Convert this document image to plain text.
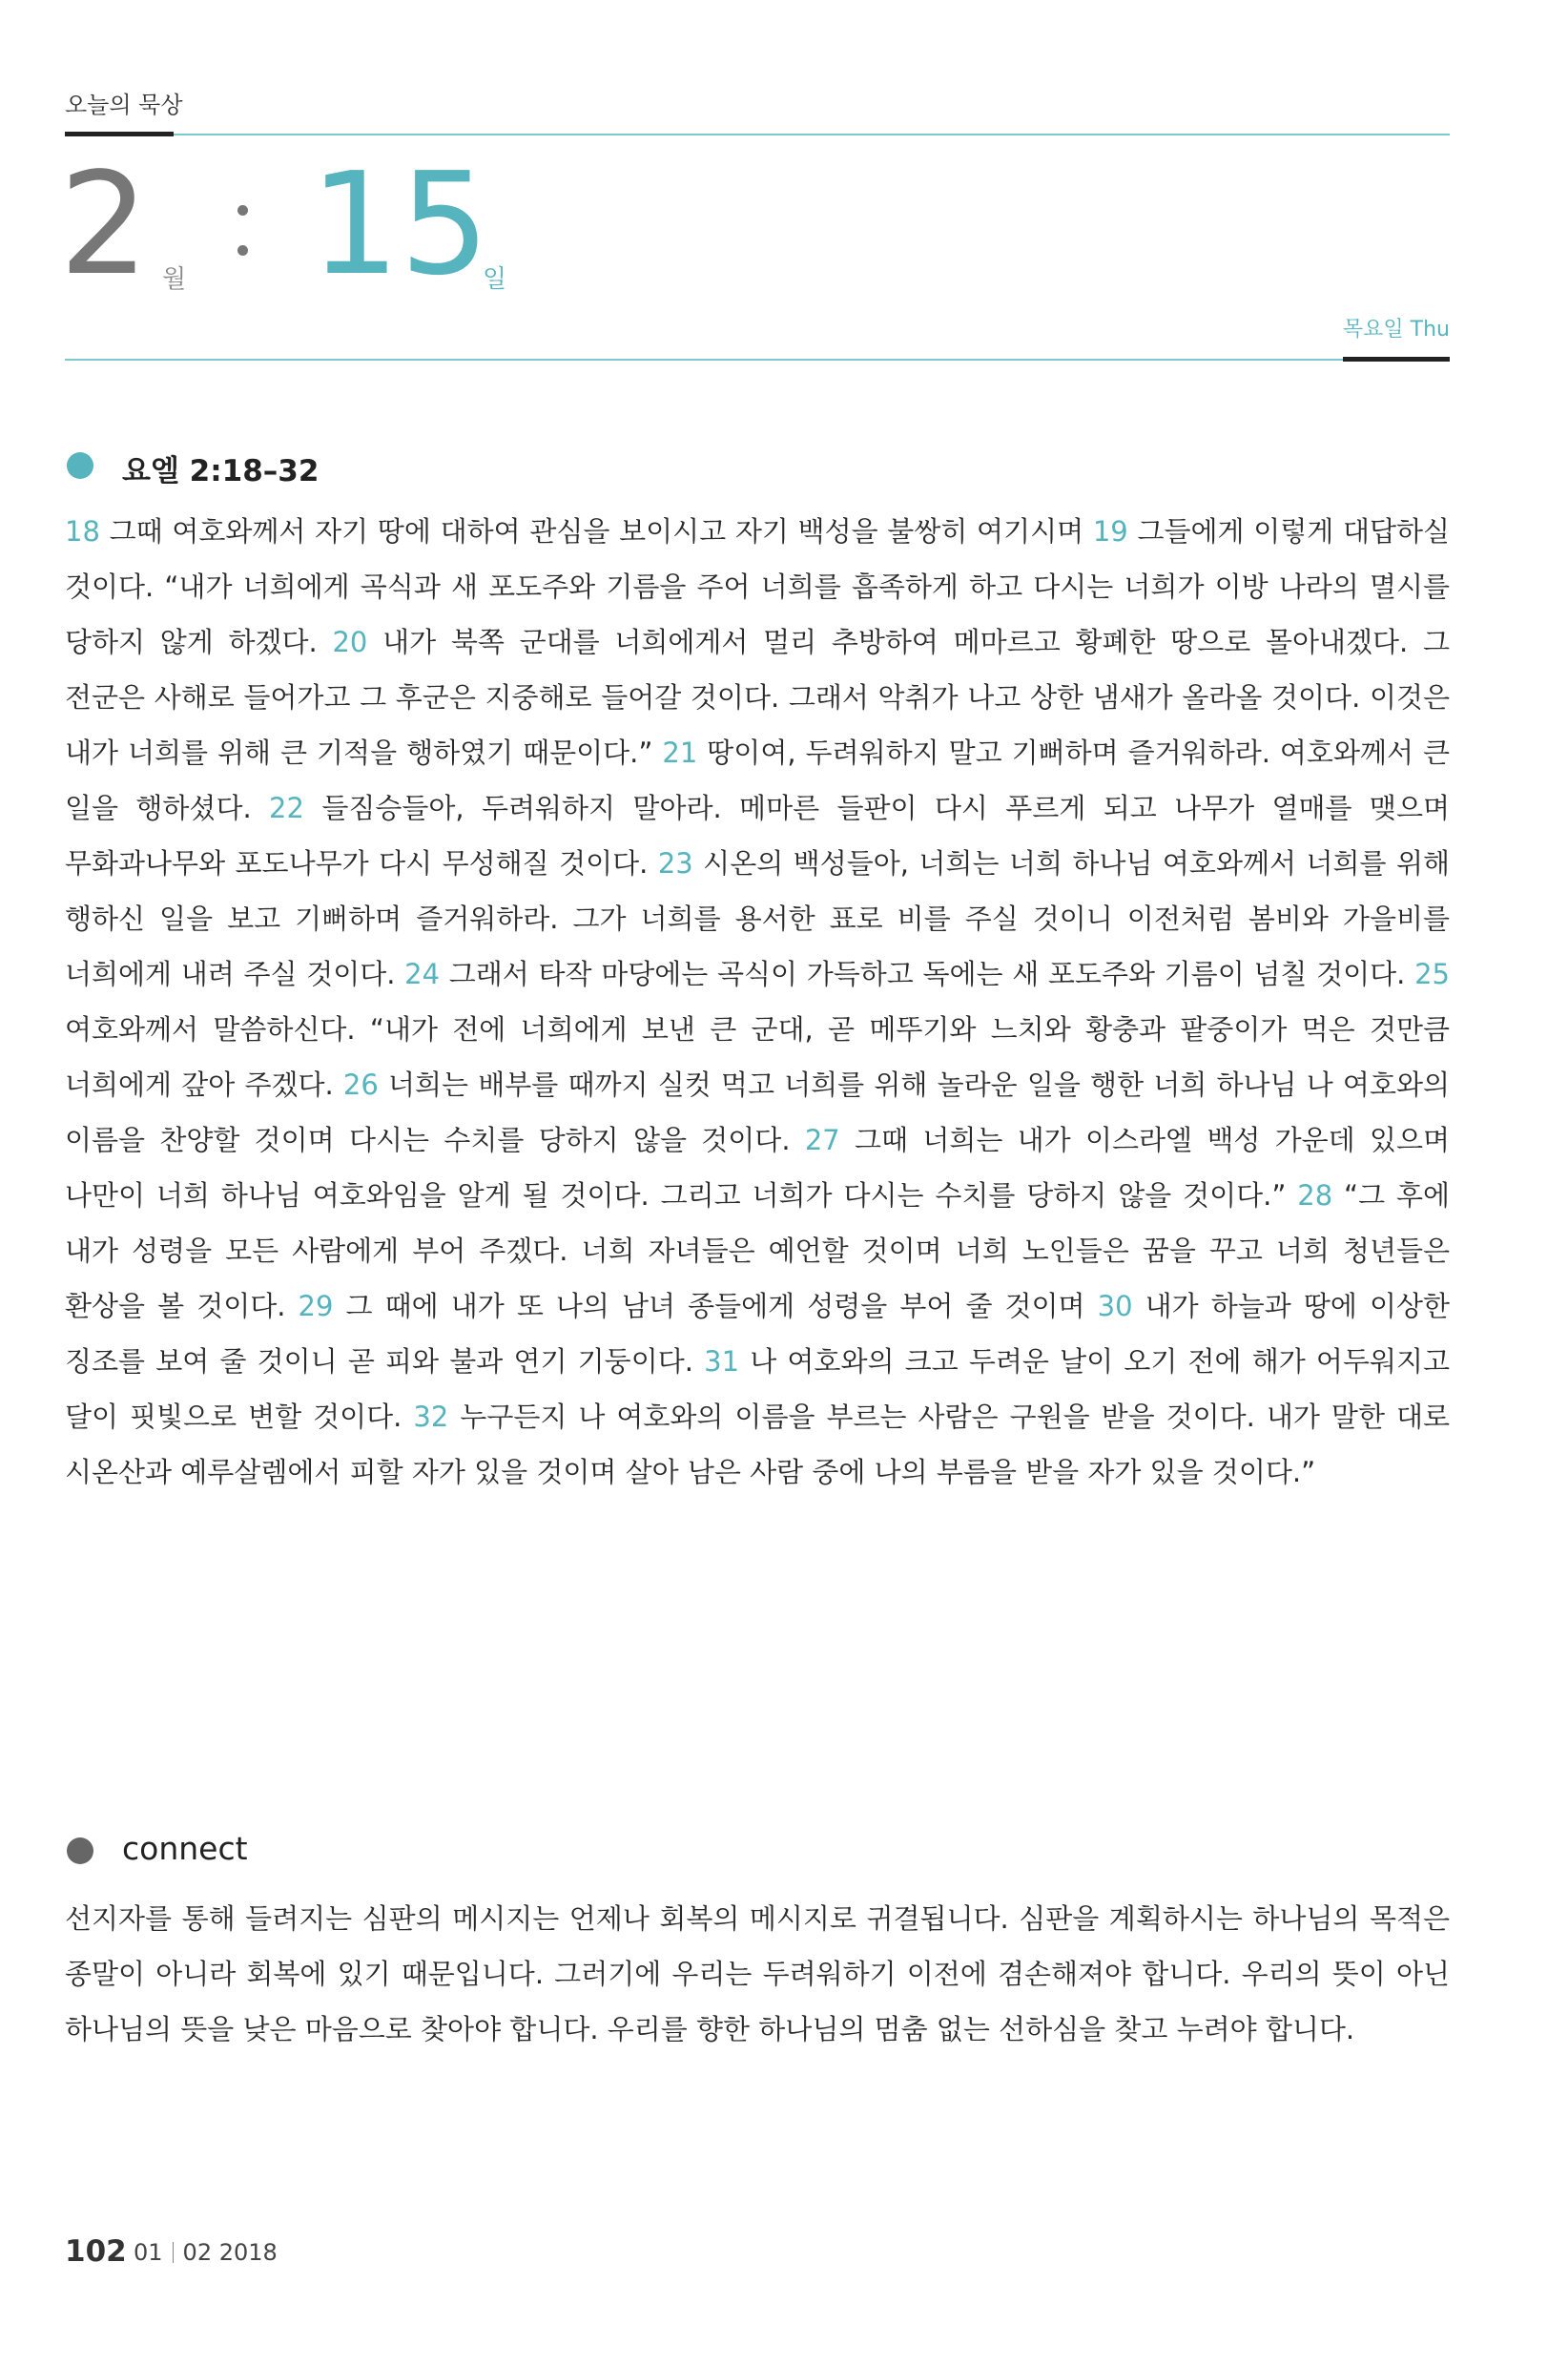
오늘의 묵상
2 월 15
일
목요일 Thu
요엘 2:18–32
18 그때 여호와께서 자기 땅에 대하여 관심을 보이시고 자기 백성을 불쌍히 여기시며 19 그들에게 이렇게 대답하실 것이다. “내가 너희에게 곡식과 새 포도주와 기름을 주어 너희를 흡족하게 하고 다시는 너희가 이방 나라의 멸시를 당하지 않게 하겠다. 20 내가 북쪽 군대를 너희에게서 멀리 추방하여 메마르고 황폐한 땅으로 몰아내겠다. 그 전군은 사해로 들어가고 그 후군은 지중해로 들어갈 것이다. 그래서 악취가 나고 상한 냄새가 올라올 것이다. 이것은 내가 너희를 위해 큰 기적을 행하였기 때문이다.” 21 땅이여, 두려워하지 말고 기뻐하며 즐거워하라. 여호와께서 큰 일을 행하셨다. 22 들짐승들아, 두려워하지 말아라. 메마른 들판이 다시 푸르게 되고 나무가 열매를 맺으며 무화과나무와 포도나무가 다시 무성해질 것이다. 23 시온의 백성들아, 너희는 너희 하나님 여호와께서 너희를 위해 행하신 일을 보고 기뻐하며 즐거워하라. 그가 너희를 용서한 표로 비를 주실 것이니 이전처럼 봄비와 가을비를 너희에게 내려 주실 것이다. 24 그래서 타작 마당에는 곡식이 가득하고 독에는 새 포도주와 기름이 넘칠 것이다. 25 여호와께서 말씀하신다. “내가 전에 너희에게 보낸 큰 군대, 곧 메뚜기와 느치와 황충과 팥중이가 먹은 것만큼 너희에게 갚아 주겠다. 26 너희는 배부를 때까지 실컷 먹고 너희를 위해 놀라운 일을 행한 너희 하나님 나 여호와의 이름을 찬양할 것이며 다시는 수치를 당하지 않을 것이다. 27 그때 너희는 내가 이스라엘 백성 가운데 있으며 나만이 너희 하나님 여호와임을 알게 될 것이다. 그리고 너희가 다시는 수치를 당하지 않을 것이다.” 28 “그 후에 내가 성령을 모든 사람에게 부어 주겠다. 너희 자녀들은 예언할 것이며 너희 노인들은 꿈을 꾸고 너희 청년들은 환상을 볼 것이다. 29 그 때에 내가 또 나의 남녀 종들에게 성령을 부어 줄 것이며 30 내가 하늘과 땅에 이상한 징조를 보여 줄 것이니 곧 피와 불과 연기 기둥이다. 31 나 여호와의 크고 두려운 날이 오기 전에 해가 어두워지고 달이 핏빛으로 변할 것이다. 32 누구든지 나 여호와의 이름을 부르는 사람은 구원을 받을 것이다. 내가 말한 대로 시온산과 예루살렘에서 피할 자가 있을 것이며 살아 남은 사람 중에 나의 부름을 받을 자가 있을 것이다.”
connect
선지자를 통해 들려지는 심판의 메시지는 언제나 회복의 메시지로 귀결됩니다. 심판을 계획하시는 하나님의 목적은 종말이 아니라 회복에 있기 때문입니다. 그러기에 우리는 두려워하기 이전에 겸손해져야 합니다. 우리의 뜻이 아닌 하나님의 뜻을 낮은 마음으로 찾아야 합니다. 우리를 향한 하나님의 멈춤 없는 선하심을 찾고 누려야 합니다.
102 01 02 2018
